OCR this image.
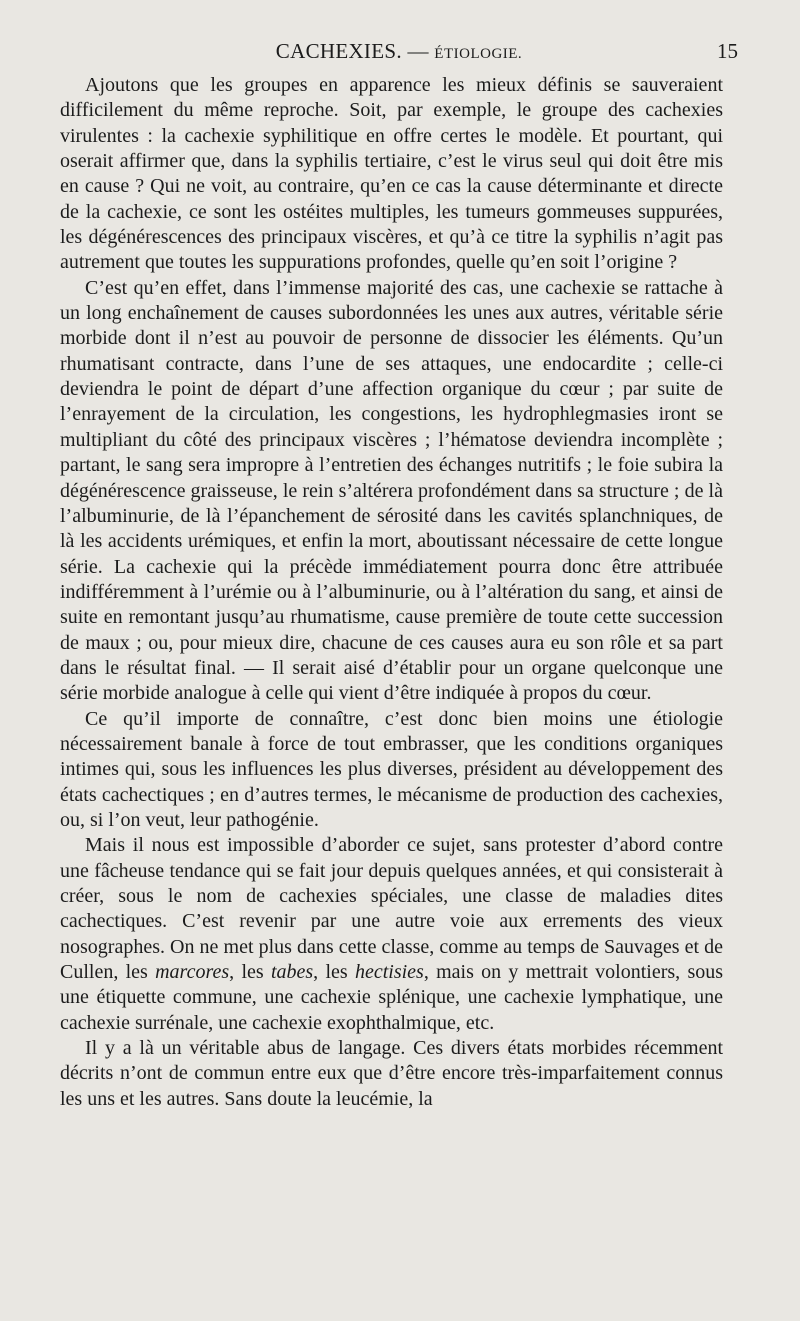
CACHEXIES. — ÉTIOLOGIE.	15

Ajoutons que les groupes en apparence les mieux définis se sauveraient difficilement du même reproche. Soit, par exemple, le groupe des cachexies virulentes : la cachexie syphilitique en offre certes le modèle. Et pourtant, qui oserait affirmer que, dans la syphilis tertiaire, c’est le virus seul qui doit être mis en cause ? Qui ne voit, au contraire, qu’en ce cas la cause déterminante et directe de la cachexie, ce sont les ostéites multiples, les tumeurs gommeuses suppurées, les dégénérescences des principaux viscères, et qu’à ce titre la syphilis n’agit pas autrement que toutes les suppurations profondes, quelle qu’en soit l’origine ?

C’est qu’en effet, dans l’immense majorité des cas, une cachexie se rattache à un long enchaînement de causes subordonnées les unes aux autres, véritable série morbide dont il n’est au pouvoir de personne de dissocier les éléments. Qu’un rhumatisant contracte, dans l’une de ses attaques, une endocardite ; celle-ci deviendra le point de départ d’une affection organique du cœur ; par suite de l’enrayement de la circulation, les congestions, les hydrophlegmasies iront se multipliant du côté des principaux viscères ; l’hématose deviendra incomplète ; partant, le sang sera impropre à l’entretien des échanges nutritifs ; le foie subira la dégénérescence graisseuse, le rein s’altérera profondément dans sa structure ; de là l’albuminurie, de là l’épanchement de sérosité dans les cavités splanchniques, de là les accidents urémiques, et enfin la mort, aboutissant nécessaire de cette longue série. La cachexie qui la précède immédiatement pourra donc être attribuée indifféremment à l’urémie ou à l’albuminurie, ou à l’altération du sang, et ainsi de suite en remontant jusqu’au rhumatisme, cause première de toute cette succession de maux ; ou, pour mieux dire, chacune de ces causes aura eu son rôle et sa part dans le résultat final. — Il serait aisé d’établir pour un organe quelconque une série morbide analogue à celle qui vient d’être indiquée à propos du cœur.

Ce qu’il importe de connaître, c’est donc bien moins une étiologie nécessairement banale à force de tout embrasser, que les conditions organiques intimes qui, sous les influences les plus diverses, président au développement des états cachectiques ; en d’autres termes, le mécanisme de production des cachexies, ou, si l’on veut, leur pathogénie.

Mais il nous est impossible d’aborder ce sujet, sans protester d’abord contre une fâcheuse tendance qui se fait jour depuis quelques années, et qui consisterait à créer, sous le nom de cachexies spéciales, une classe de maladies dites cachectiques. C’est revenir par une autre voie aux errements des vieux nosographes. On ne met plus dans cette classe, comme au temps de Sauvages et de Cullen, les marcores, les tabes, les hectisies, mais on y mettrait volontiers, sous une étiquette commune, une cachexie splénique, une cachexie lymphatique, une cachexie surrénale, une cachexie exophthalmique, etc.

Il y a là un véritable abus de langage. Ces divers états morbides récemment décrits n’ont de commun entre eux que d’être encore très-imparfaitement connus les uns et les autres. Sans doute la leucémie, la
